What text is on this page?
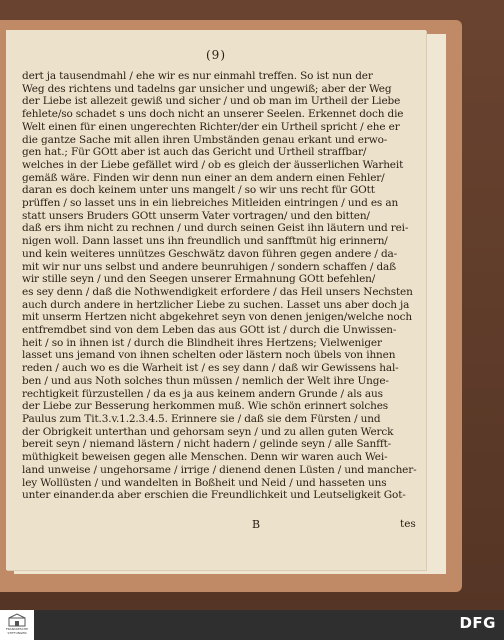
(9)
dert ja tausendmahl / ehe wir es nur einmahl treffen. So ist nun der
Weg des richtens und tadelns gar unsicher und ungewiß; aber der Weg
der Liebe ist allezeit gewiß und sicher / und ob man im Urtheil der Liebe
fehlete/so schadet s uns doch nicht an unserer Seelen. Erkennet doch die
Welt einen für einen ungerechten Richter/der ein Urtheil spricht / ehe er
die gantze Sache mit allen ihren Umbständen genau erkant und erwo-
gen hat.; Für GOtt aber ist auch das Gericht und Urtheil straffbar/
welches in der Liebe gefället wird / ob es gleich der äusserlichen Warheit
gemäß wäre. Finden wir denn nun einer an dem andern einen Fehler/
daran es doch keinem unter uns mangelt / so wir uns recht für GOtt
prüffen / so lasset uns in ein liebreiches Mitleiden eintringen / und es an
statt unsers Bruders GOtt unserm Vater vortragen/ und den bitten/
daß ers ihm nicht zu rechnen / und durch seinen Geist ihn läutern und rei-
nigen woll. Dann lasset uns ihn freundlich und sanfftmüt hig erinnern/
und kein weiteres unnützes Geschwätz davon führen gegen andere / da-
mit wir nur uns selbst und andere beunruhigen / sondern schaffen / daß
wir stille seyn / und den Seegen unserer Ermahnung GOtt befehlen/
es sey denn / daß die Nothwendigkeit erfordere / das Heil unsers Nechsten
auch durch andere in hertzlicher Liebe zu suchen. Lasset uns aber doch ja
mit unserm Hertzen nicht abgekehret seyn von denen jenigen/welche noch
entfremdbet sind von dem Leben das aus GOtt ist / durch die Unwissen-
heit / so in ihnen ist / durch die Blindheit ihres Hertzens; Vielweniger
lasset uns jemand von ihnen schelten oder lästern noch übels von ihnen
reden / auch wo es die Warheit ist / es sey dann / daß wir Gewissens hal-
ben / und aus Noth solches thun müssen / nemlich der Welt ihre Unge-
rechtigkeit fürzustellen / da es ja aus keinem andern Grunde / als aus
der Liebe zur Besserung herkommen muß. Wie schön erinnert solches
Paulus zum Tit.3.v.1.2.3.4.5. Erinnere sie / daß sie dem Fürsten / und
der Obrigkeit unterthan und gehorsam seyn / und zu allen guten Werck
bereit seyn / niemand lästern / nicht hadern / gelinde seyn / alle Sanfft-
müthigkeit beweisen gegen alle Menschen. Denn wir waren auch Wei-
land unweise / ungehorsame / irrige / dienend denen Lüsten / und mancher-
ley Wollüsten / und wandelten in Boßheit und Neid / und hasseten uns
unter einander.da aber erschien die Freundlichkeit und Leutseligkeit Got-
B	tes
FRANCKESCHE STIFTUNGEN
DFG
